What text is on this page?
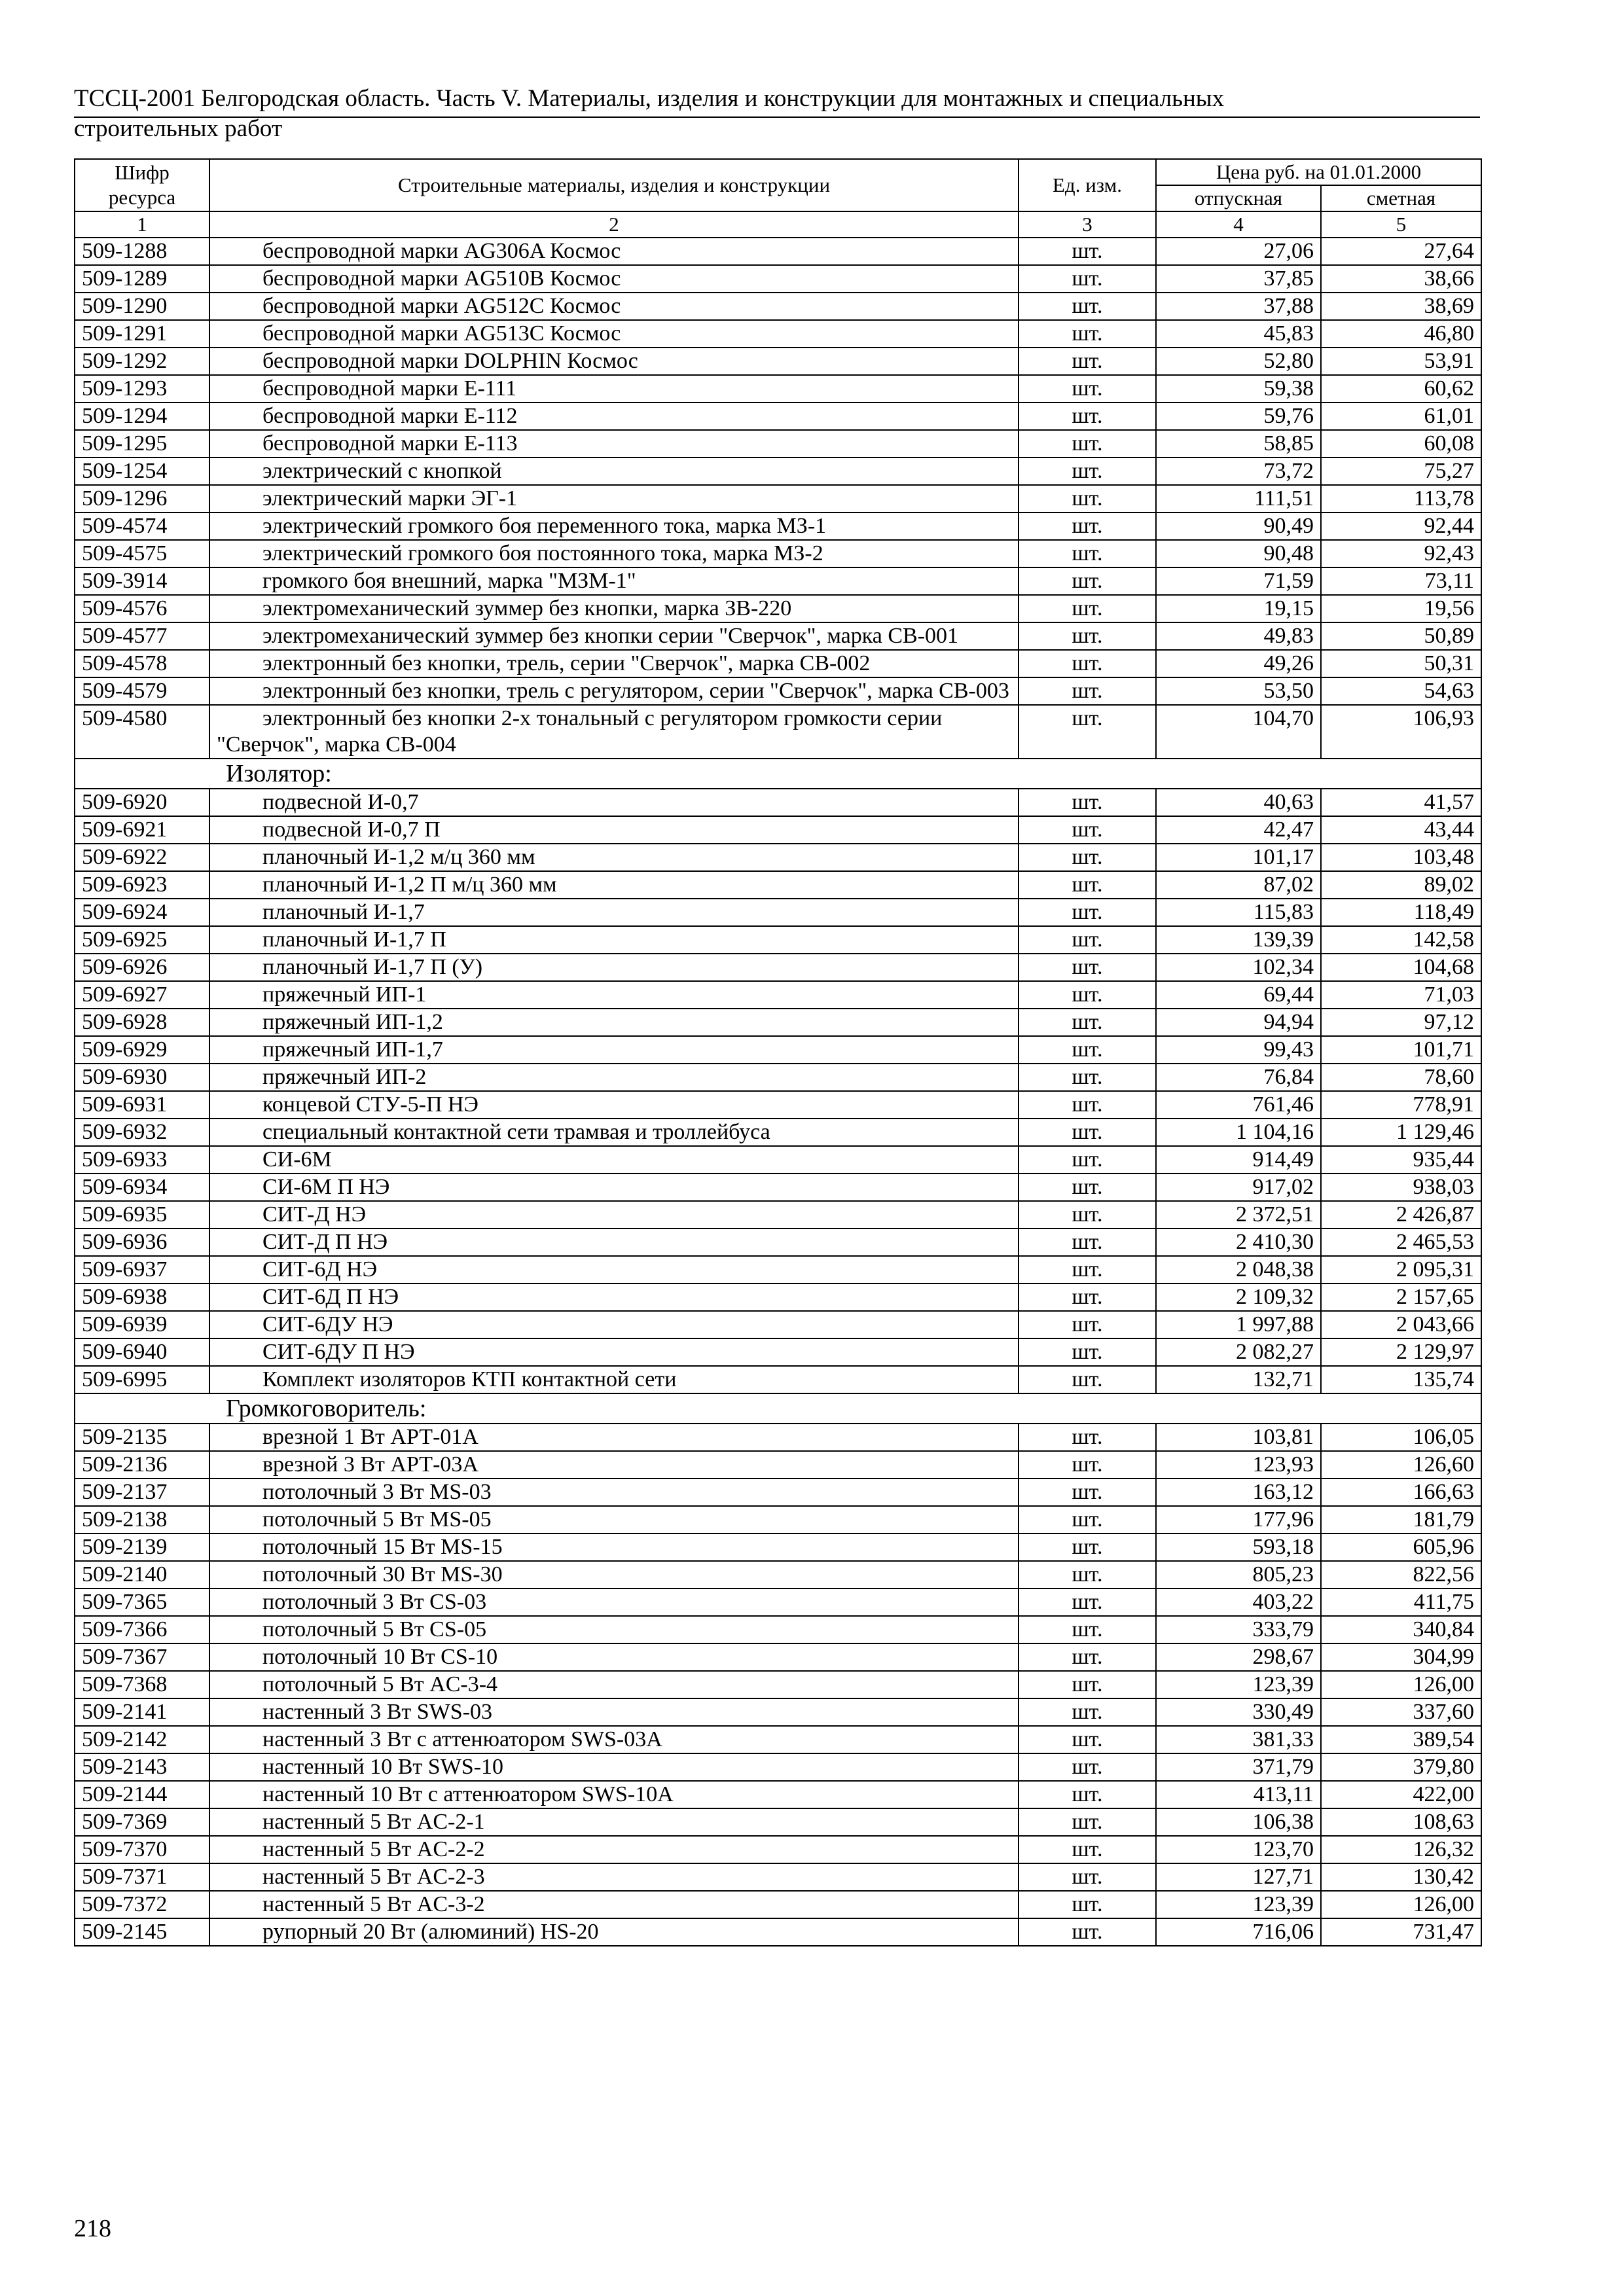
ТССЦ-2001 Белгородская область. Часть V. Материалы, изделия и конструкции для монтажных и специальных
строительных работ
Шифр ресурса	Строительные материалы, изделия и конструкции	Ед. изм.	Цена руб. на 01.01.2000	
			отпускная	сметная
1	2	3	4	5
509-1288	беспроводной марки AG306A Космос	шт.	27,06	27,64
509-1289	беспроводной марки AG510B Космос	шт.	37,85	38,66
509-1290	беспроводной марки AG512C Космос	шт.	37,88	38,69
509-1291	беспроводной марки AG513C Космос	шт.	45,83	46,80
509-1292	беспроводной марки DOLPHIN Космос	шт.	52,80	53,91
509-1293	беспроводной марки E-111	шт.	59,38	60,62
509-1294	беспроводной марки E-112	шт.	59,76	61,01
509-1295	беспроводной марки E-113	шт.	58,85	60,08
509-1254	электрический с кнопкой	шт.	73,72	75,27
509-1296	электрический марки ЭГ-1	шт.	111,51	113,78
509-4574	электрический громкого боя переменного тока, марка МЗ-1	шт.	90,49	92,44
509-4575	электрический громкого боя постоянного тока, марка МЗ-2	шт.	90,48	92,43
509-3914	громкого боя внешний, марка "МЗМ-1"	шт.	71,59	73,11
509-4576	электромеханический зуммер без кнопки, марка ЗВ-220	шт.	19,15	19,56
509-4577	электромеханический зуммер без кнопки серии "Сверчок", марка СВ-001	шт.	49,83	50,89
509-4578	электронный без кнопки, трель, серии "Сверчок", марка СВ-002	шт.	49,26	50,31
509-4579	электронный без кнопки, трель с регулятором, серии "Сверчок", марка СВ-003	шт.	53,50	54,63
509-4580	электронный без кнопки 2-х тональный с регулятором громкости серии "Сверчок", марка СВ-004	шт.	104,70	106,93
Изолятор:				
509-6920	подвесной И-0,7	шт.	40,63	41,57
509-6921	подвесной И-0,7 П	шт.	42,47	43,44
509-6922	планочный И-1,2 м/ц 360 мм	шт.	101,17	103,48
509-6923	планочный И-1,2 П м/ц 360 мм	шт.	87,02	89,02
509-6924	планочный И-1,7	шт.	115,83	118,49
509-6925	планочный И-1,7 П	шт.	139,39	142,58
509-6926	планочный И-1,7 П (У)	шт.	102,34	104,68
509-6927	пряжечный ИП-1	шт.	69,44	71,03
509-6928	пряжечный ИП-1,2	шт.	94,94	97,12
509-6929	пряжечный ИП-1,7	шт.	99,43	101,71
509-6930	пряжечный ИП-2	шт.	76,84	78,60
509-6931	концевой СТУ-5-П НЭ	шт.	761,46	778,91
509-6932	специальный контактной сети трамвая и троллейбуса	шт.	1 104,16	1 129,46
509-6933	СИ-6М	шт.	914,49	935,44
509-6934	СИ-6М П НЭ	шт.	917,02	938,03
509-6935	СИТ-Д НЭ	шт.	2 372,51	2 426,87
509-6936	СИТ-Д П НЭ	шт.	2 410,30	2 465,53
509-6937	СИТ-6Д НЭ	шт.	2 048,38	2 095,31
509-6938	СИТ-6Д П НЭ	шт.	2 109,32	2 157,65
509-6939	СИТ-6ДУ НЭ	шт.	1 997,88	2 043,66
509-6940	СИТ-6ДУ П НЭ	шт.	2 082,27	2 129,97
509-6995	Комплект изоляторов КТП контактной сети	шт.	132,71	135,74
Громкоговоритель:				
509-2135	врезной 1 Вт АРТ-01А	шт.	103,81	106,05
509-2136	врезной 3 Вт АРТ-03А	шт.	123,93	126,60
509-2137	потолочный 3 Вт MS-03	шт.	163,12	166,63
509-2138	потолочный 5 Вт MS-05	шт.	177,96	181,79
509-2139	потолочный 15 Вт MS-15	шт.	593,18	605,96
509-2140	потолочный 30 Вт MS-30	шт.	805,23	822,56
509-7365	потолочный 3 Вт CS-03	шт.	403,22	411,75
509-7366	потолочный 5 Вт CS-05	шт.	333,79	340,84
509-7367	потолочный 10 Вт CS-10	шт.	298,67	304,99
509-7368	потолочный 5 Вт AC-3-4	шт.	123,39	126,00
509-2141	настенный 3 Вт SWS-03	шт.	330,49	337,60
509-2142	настенный 3 Вт с аттенюатором SWS-03А	шт.	381,33	389,54
509-2143	настенный 10 Вт SWS-10	шт.	371,79	379,80
509-2144	настенный 10 Вт с аттенюатором SWS-10А	шт.	413,11	422,00
509-7369	настенный 5 Вт AC-2-1	шт.	106,38	108,63
509-7370	настенный 5 Вт AC-2-2	шт.	123,70	126,32
509-7371	настенный 5 Вт AC-2-3	шт.	127,71	130,42
509-7372	настенный 5 Вт AC-3-2	шт.	123,39	126,00
509-2145	рупорный 20 Вт (алюминий) HS-20	шт.	716,06	731,47
218
